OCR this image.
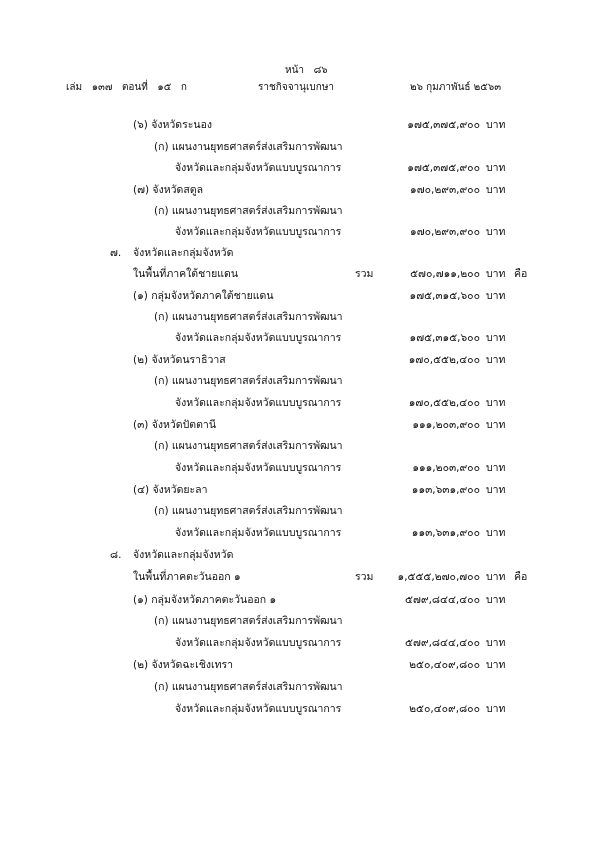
หน้า ๘๖
เล่ม ๑๓๗ ตอนที่ ๑๕ ก	ราชกิจจานุเบกษา	๒๖ กุมภาพันธ์ ๒๕๖๓
(๖) จังหวัดระนอง	๑๗๕,๓๗๕,๙๐๐ บาท
(ก) แผนงานยุทธศาสตร์ส่งเสริมการพัฒนา
จังหวัดและกลุ่มจังหวัดแบบบูรณาการ	๑๗๕,๓๗๕,๙๐๐ บาท
(๗) จังหวัดสตูล	๑๗๐,๒๙๓,๙๐๐ บาท
(ก) แผนงานยุทธศาสตร์ส่งเสริมการพัฒนา
จังหวัดและกลุ่มจังหวัดแบบบูรณาการ	๑๗๐,๒๙๓,๙๐๐ บาท
๗. จังหวัดและกลุ่มจังหวัด
ในพื้นที่ภาคใต้ชายแดน	รวม	๕๗๐,๗๑๑,๒๐๐ บาท คือ
(๑) กลุ่มจังหวัดภาคใต้ชายแดน	๑๗๕,๓๑๕,๖๐๐ บาท
(ก) แผนงานยุทธศาสตร์ส่งเสริมการพัฒนา
จังหวัดและกลุ่มจังหวัดแบบบูรณาการ	๑๗๕,๓๑๕,๖๐๐ บาท
(๒) จังหวัดนราธิวาส	๑๗๐,๕๕๒,๔๐๐ บาท
(ก) แผนงานยุทธศาสตร์ส่งเสริมการพัฒนา
จังหวัดและกลุ่มจังหวัดแบบบูรณาการ	๑๗๐,๕๕๒,๔๐๐ บาท
(๓) จังหวัดปัตตานี	๑๑๑,๒๐๓,๙๐๐ บาท
(ก) แผนงานยุทธศาสตร์ส่งเสริมการพัฒนา
จังหวัดและกลุ่มจังหวัดแบบบูรณาการ	๑๑๑,๒๐๓,๙๐๐ บาท
(๔) จังหวัดยะลา	๑๑๓,๖๓๑,๙๐๐ บาท
(ก) แผนงานยุทธศาสตร์ส่งเสริมการพัฒนา
จังหวัดและกลุ่มจังหวัดแบบบูรณาการ	๑๑๓,๖๓๑,๙๐๐ บาท
๘. จังหวัดและกลุ่มจังหวัด
ในพื้นที่ภาคตะวันออก ๑	รวม	๑,๕๕๕,๒๗๐,๗๐๐ บาท คือ
(๑) กลุ่มจังหวัดภาคตะวันออก ๑	๕๗๙,๘๔๔,๔๐๐ บาท
(ก) แผนงานยุทธศาสตร์ส่งเสริมการพัฒนา
จังหวัดและกลุ่มจังหวัดแบบบูรณาการ	๕๗๙,๘๔๔,๔๐๐ บาท
(๒) จังหวัดฉะเชิงเทรา	๒๕๐,๔๐๙,๘๐๐ บาท
(ก) แผนงานยุทธศาสตร์ส่งเสริมการพัฒนา
จังหวัดและกลุ่มจังหวัดแบบบูรณาการ	๒๕๐,๔๐๙,๘๐๐ บาท
